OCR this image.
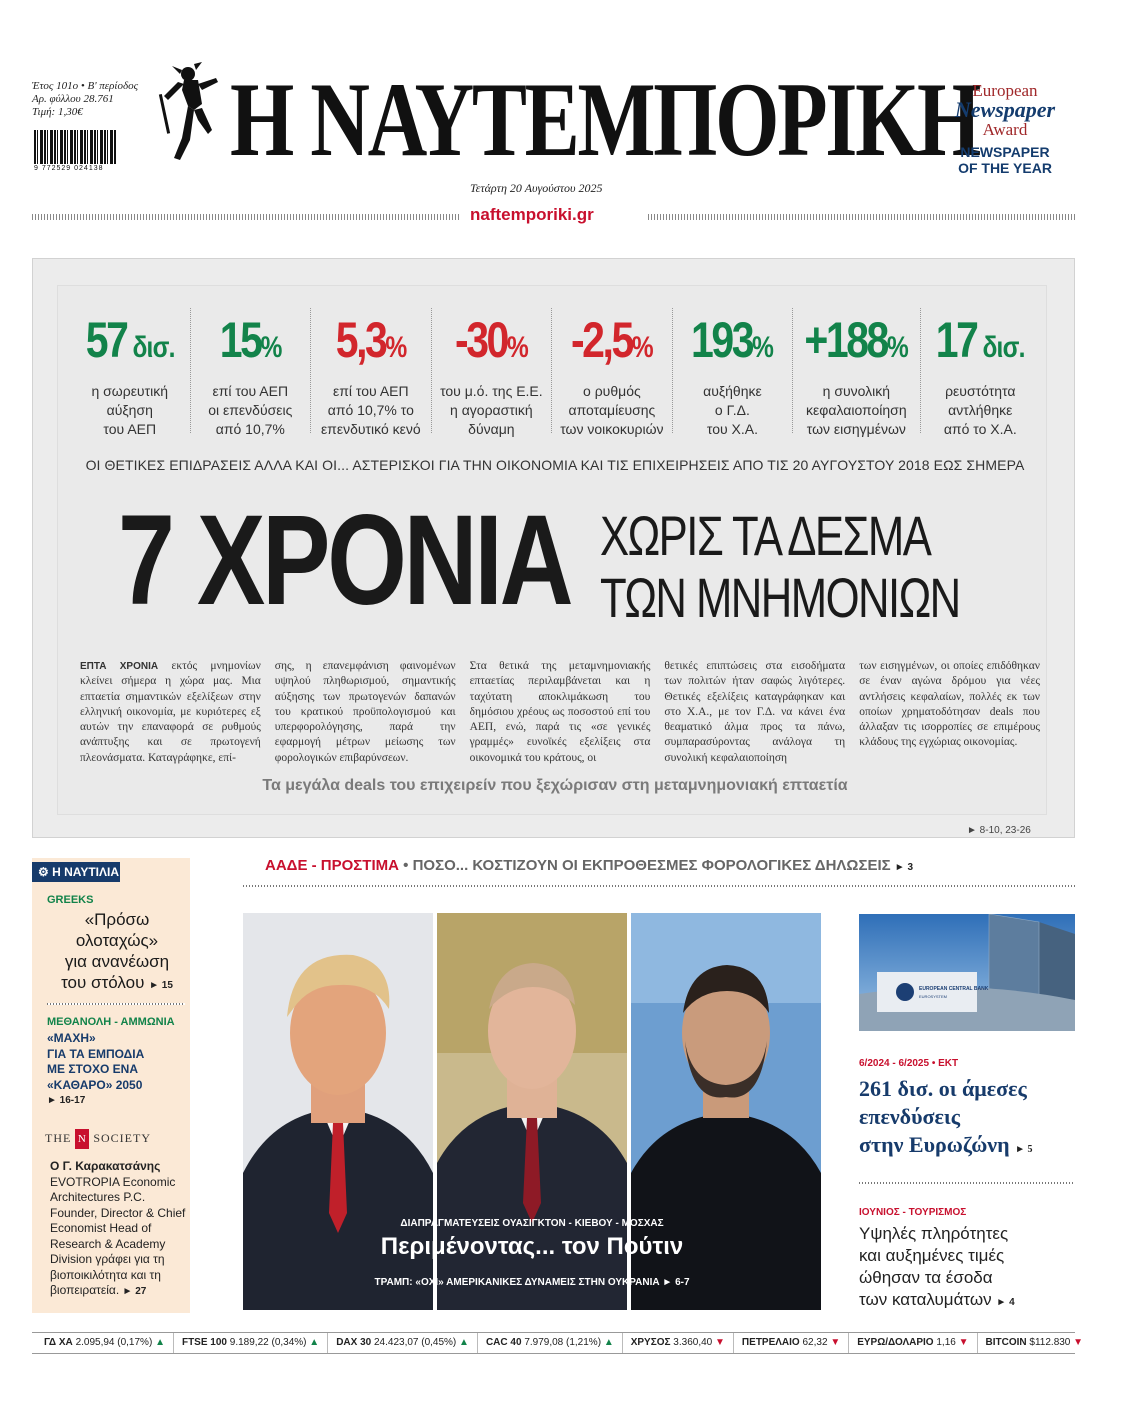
Έτος 101ο • Β' περίοδος
Αρ. φύλλου 28.761
Τιμή: 1,30€
9 772529 024138 Η ΝΑΥΤΕΜΠΟΡΙΚΗ
European
Newspaper
Award
NEWSPAPER
OF THE YEAR
Τετάρτη 20 Αυγούστου 2025
naftemporiki.gr
57 δισ.
η σωρευτική
αύξηση
του ΑΕΠ
15%
επί του ΑΕΠ
οι επενδύσεις
από 10,7%
5,3%
επί του ΑΕΠ
από 10,7% το
επενδυτικό κενό
-30%
του μ.ό. της Ε.Ε.
η αγοραστική
δύναμη
-2,5%
ο ρυθμός
αποταμίευσης
των νοικοκυριών
193%
αυξήθηκε
ο Γ.Δ.
του Χ.Α.
+188%
η συνολική
κεφαλαιοποίηση
των εισηγμένων
17 δισ.
ρευστότητα
αντλήθηκε
από το Χ.Α.
ΟΙ ΘΕΤΙΚΕΣ ΕΠΙΔΡΑΣΕΙΣ ΑΛΛΑ ΚΑΙ ΟΙ... ΑΣΤΕΡΙΣΚΟΙ ΓΙΑ ΤΗΝ ΟΙΚΟΝΟΜΙΑ ΚΑΙ ΤΙΣ ΕΠΙΧΕΙΡΗΣΕΙΣ ΑΠΟ ΤΙΣ 20 ΑΥΓΟΥΣΤΟΥ 2018 ΕΩΣ ΣΗΜΕΡΑ
7 ΧΡΟΝΙΑ ΧΩΡΙΣ ΤΑ ΔΕΣΜΑ
ΤΩΝ ΜΝΗΜΟΝΙΩΝ
ΕΠΤΑ ΧΡΟΝΙΑ εκτός μνημονίων κλείνει σήμερα η χώρα μας. Μια επταετία σημαντικών εξελίξεων στην ελληνική οικονομία, με κυριότερες εξ αυτών την επαναφορά σε ρυθμούς ανάπτυξης και σε πρωτογενή πλεονάσματα. Καταγράφηκε, επί-
σης, η επανεμφάνιση φαινομένων υψηλού πληθωρισμού, σημαντικής αύξησης των πρωτογενών δαπανών του κρατικού προϋπολογισμού και υπερφορολόγησης, παρά την εφαρμογή μέτρων μείωσης των φορολογικών επιβαρύνσεων.
Στα θετικά της μεταμνημονιακής επταετίας περιλαμβάνεται και η ταχύτατη αποκλιμάκωση του δημόσιου χρέους ως ποσοστού επί του ΑΕΠ, ενώ, παρά τις «σε γενικές γραμμές» ευνοϊκές εξελίξεις στα οικονομικά του κράτους, οι
θετικές επιπτώσεις στα εισοδήματα των πολιτών ήταν σαφώς λιγότερες. Θετικές εξελίξεις καταγράφηκαν και στο Χ.Α., με τον Γ.Δ. να κάνει ένα θεαματικό άλμα προς τα πάνω, συμπαρασύροντας ανάλογα τη συνολική κεφαλαιοποίηση
των εισηγμένων, οι οποίες επιδόθηκαν σε έναν αγώνα δρόμου για νέες αντλήσεις κεφαλαίων, πολλές εκ των οποίων χρηματοδότησαν deals που άλλαξαν τις ισορροπίες σε επιμέρους κλάδους της εγχώριας οικονομίας.
Τα μεγάλα deals του επιχειρείν που ξεχώρισαν στη μεταμνημονιακή επταετία
► 8-10, 23-26
⚙ Η ΝΑΥΤΙΛΙΑ
GREEKS
«Πρόσω
ολοταχώς»
για ανανέωση
του στόλου ► 15
ΜΕΘΑΝΟΛΗ - ΑΜΜΩΝΙΑ
«ΜΑΧΗ»
ΓΙΑ ΤΑ ΕΜΠΟΔΙΑ
ΜΕ ΣΤΟΧΟ ΕΝΑ
«ΚΑΘΑΡΟ» 2050
► 16-17
THE N SOCIETY
Ο Γ. Καρακατσάνης
EVOTROPIA Economic Architectures P.C. Founder, Director & Chief Economist Head of Research & Academy Division γράφει για τη βιοποικιλότητα και τη βιοπειρατεία. ► 27
ΑΑΔΕ - ΠΡΟΣΤΙΜΑ • ΠΟΣΟ... ΚΟΣΤΙΖΟΥΝ ΟΙ ΕΚΠΡΟΘΕΣΜΕΣ ΦΟΡΟΛΟΓΙΚΕΣ ΔΗΛΩΣΕΙΣ ► 3
ΔΙΑΠΡΑΓΜΑΤΕΥΣΕΙΣ ΟΥΑΣΙΓΚΤΟΝ - ΚΙΕΒΟΥ - ΜΟΣΧΑΣ
Περιμένοντας... τον Πούτιν
ΤΡΑΜΠ: «ΟΧΙ» ΑΜΕΡΙΚΑΝΙΚΕΣ ΔΥΝΑΜΕΙΣ ΣΤΗΝ ΟΥΚΡΑΝΙΑ ► 6-7
EUROPEAN CENTRAL BANK
EUROSYSTEM
6/2024 - 6/2025 • ΕΚΤ
261 δισ. οι άμεσες
επενδύσεις
στην Ευρωζώνη ► 5
ΙΟΥΝΙΟΣ - ΤΟΥΡΙΣΜΟΣ
Υψηλές πληρότητες
και αυξημένες τιμές
ώθησαν τα έσοδα
των καταλυμάτων ► 4
ΓΔ ΧΑ 2.095,94 (0,17%) ▲	FTSE 100 9.189,22 (0,34%) ▲	DAX 30 24.423,07 (0,45%) ▲	CAC 40 7.979,08 (1,21%) ▲	ΧΡΥΣΟΣ 3.360,40 ▼	ΠΕΤΡΕΛΑΙΟ 62,32 ▼	ΕΥΡΩ/ΔΟΛΑΡΙΟ 1,16 ▼	BITCOIN $112.830 ▼
